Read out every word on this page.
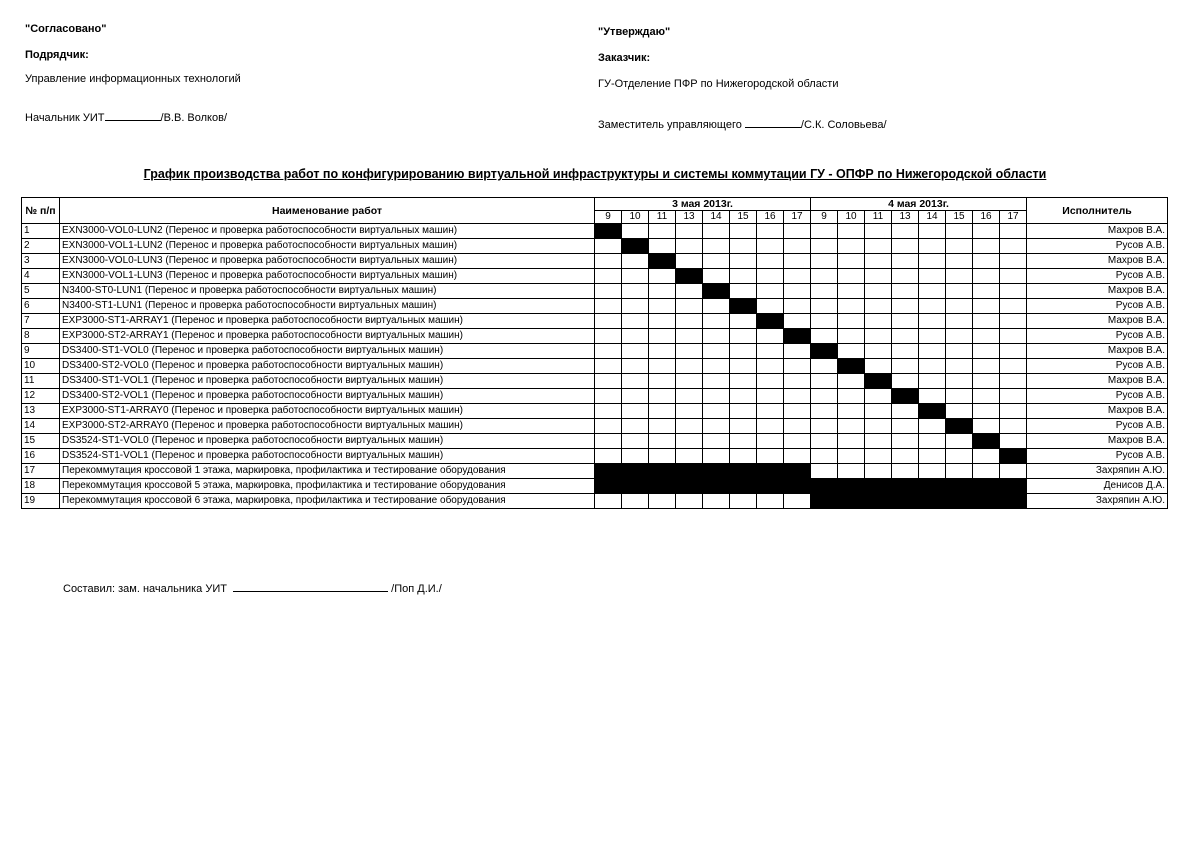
"Согласовано"
Подрядчик:
Управление информационных технологий
Начальник УИТ	/В.В. Волков/
"Утверждаю"
Заказчик:
ГУ-Отделение ПФР по Нижегородской области
Заместитель управляющего	/С.К. Соловьева/
График производства работ по конфигурированию виртуальной инфраструктуры и системы коммутации ГУ - ОПФР по Нижегородской области
№ п/п	Наименование работ	3 мая 2013г.								4 мая 2013г.								Исполнитель
		9	10	11	13	14	15	16	17	9	10	11	13	14	15	16	17	
1	EXN3000-VOL0-LUN2 (Перенос и проверка работоспособности виртуальных машин)																	Махров В.А.
2	EXN3000-VOL1-LUN2 (Перенос и проверка работоспособности виртуальных машин)																	Русов А.В.
3	EXN3000-VOL0-LUN3 (Перенос и проверка работоспособности виртуальных машин)																	Махров В.А.
4	EXN3000-VOL1-LUN3 (Перенос и проверка работоспособности виртуальных машин)																	Русов А.В.
5	N3400-ST0-LUN1 (Перенос и проверка работоспособности виртуальных машин)																	Махров В.А.
6	N3400-ST1-LUN1 (Перенос и проверка работоспособности виртуальных машин)																	Русов А.В.
7	EXP3000-ST1-ARRAY1 (Перенос и проверка работоспособности виртуальных машин)																	Махров В.А.
8	EXP3000-ST2-ARRAY1 (Перенос и проверка работоспособности виртуальных машин)																	Русов А.В.
9	DS3400-ST1-VOL0 (Перенос и проверка работоспособности виртуальных машин)																	Махров В.А.
10	DS3400-ST2-VOL0 (Перенос и проверка работоспособности виртуальных машин)																	Русов А.В.
11	DS3400-ST1-VOL1 (Перенос и проверка работоспособности виртуальных машин)																	Махров В.А.
12	DS3400-ST2-VOL1 (Перенос и проверка работоспособности виртуальных машин)																	Русов А.В.
13	EXP3000-ST1-ARRAY0 (Перенос и проверка работоспособности виртуальных машин)																	Махров В.А.
14	EXP3000-ST2-ARRAY0 (Перенос и проверка работоспособности виртуальных машин)																	Русов А.В.
15	DS3524-ST1-VOL0 (Перенос и проверка работоспособности виртуальных машин)																	Махров В.А.
16	DS3524-ST1-VOL1 (Перенос и проверка работоспособности виртуальных машин)																	Русов А.В.
17	Перекоммутация кроссовой 1 этажа, маркировка, профилактика и тестирование оборудования																	Захряпин А.Ю.
18	Перекоммутация кроссовой 5 этажа, маркировка, профилактика и тестирование оборудования																	Денисов Д.А.
19	Перекоммутация кроссовой 6 этажа, маркировка, профилактика и тестирование оборудования																	Захряпин А.Ю.
Составил: зам. начальника УИТ	/Поп Д.И./
